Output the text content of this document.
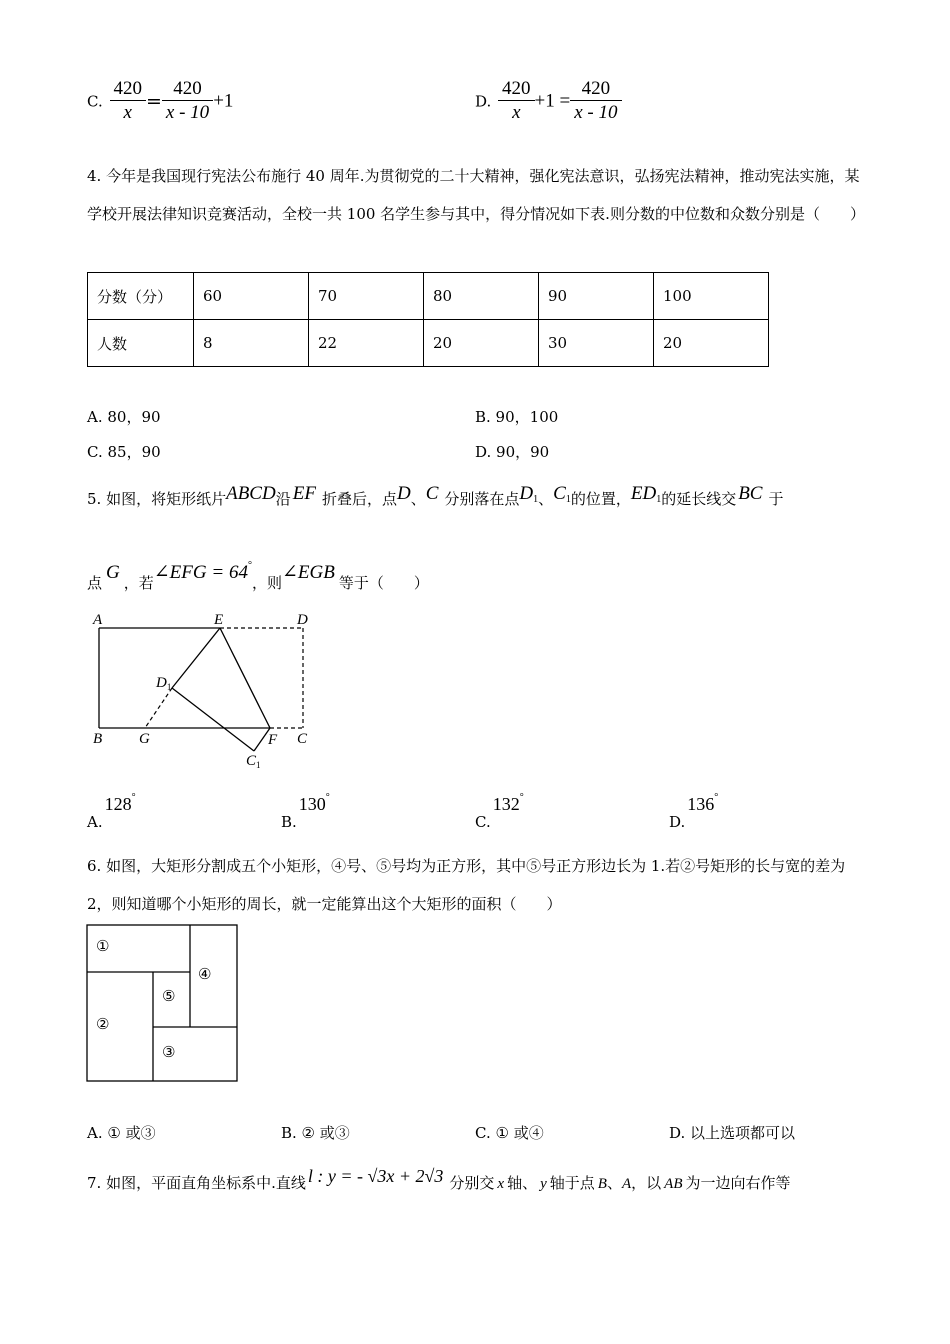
C. $\frac{420}{x} = \frac{420}{x - 10} +1$	D. $\frac{420}{x} +1 = \frac{420}{x - 10}$
4. 今年是我国现行宪法公布施行 40 周年.为贯彻党的二十大精神，强化宪法意识，弘扬宪法精神，推动宪法实施，某学校开展法律知识竞赛活动，全校一共 100 名学生参与其中，得分情况如下表.则分数的中位数和众数分别是（　　）
分数（分）	60	70	80	90	100
人数	8	22	20	30	20
A. 80，90	B. 90，100
C. 85，90	D. 90，90
5. 如图，将矩形纸片ABCD沿 EF 折叠后，点D、C 分别落在点$D_1$、$C_1$的位置，$ED_1$的延长线交 BC 于
点 G ，若∠EFG = 64°，则∠EGB 等于（　　）
A	E	D
$D_1$
B G	F C
$C_1$
A.128°
B.130°
C.132°
D.136°
6. 如图，大矩形分割成五个小矩形，④号、⑤号均为正方形，其中⑤号正方形边长为 1.若②号矩形的长与宽的差为 2，则知道哪个小矩形的周长，就一定能算出这个大矩形的面积（　　）
①
②
③
④
⑤
A. ① 或③	B. ② 或③	C. ① 或④	D. 以上选项都可以
7. 如图，平面直角坐标系中.直线 l : y = - √3x + 2√3 分别交 x 轴、 y 轴于点 B、A，以 AB 为一边向右作等
